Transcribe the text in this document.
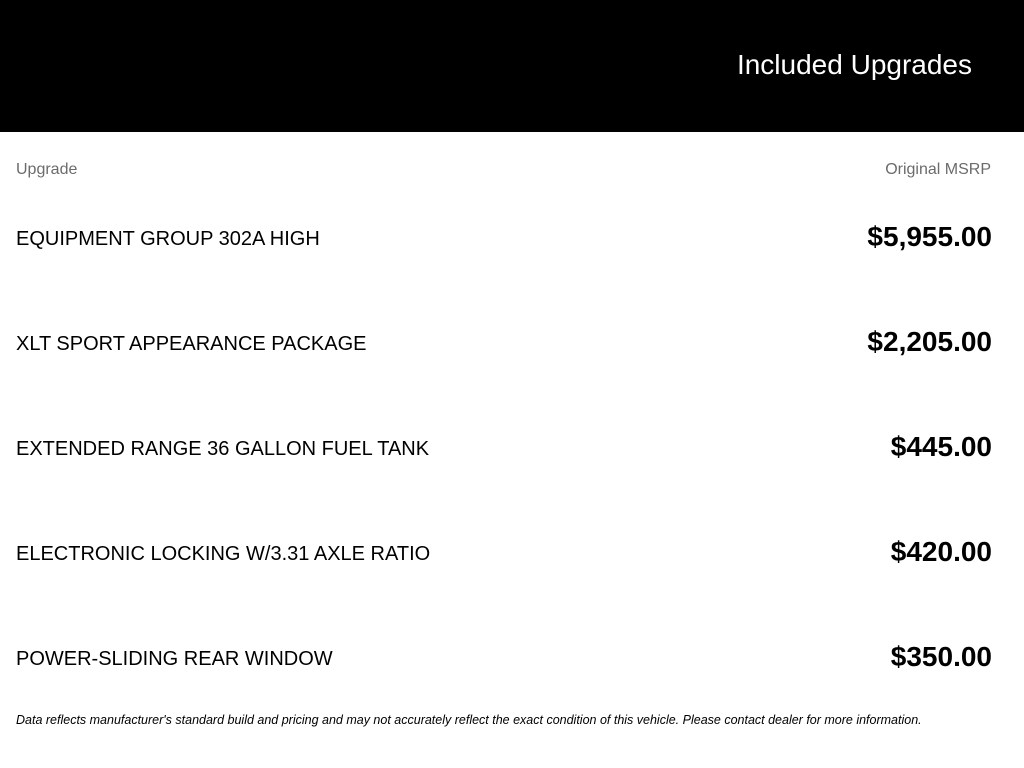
Included Upgrades
Upgrade	Original MSRP
EQUIPMENT GROUP 302A HIGH	$5,955.00
XLT SPORT APPEARANCE PACKAGE	$2,205.00
EXTENDED RANGE 36 GALLON FUEL TANK	$445.00
ELECTRONIC LOCKING W/3.31 AXLE RATIO	$420.00
POWER-SLIDING REAR WINDOW	$350.00
Data reflects manufacturer's standard build and pricing and may not accurately reflect the exact condition of this vehicle. Please contact dealer for more information.
